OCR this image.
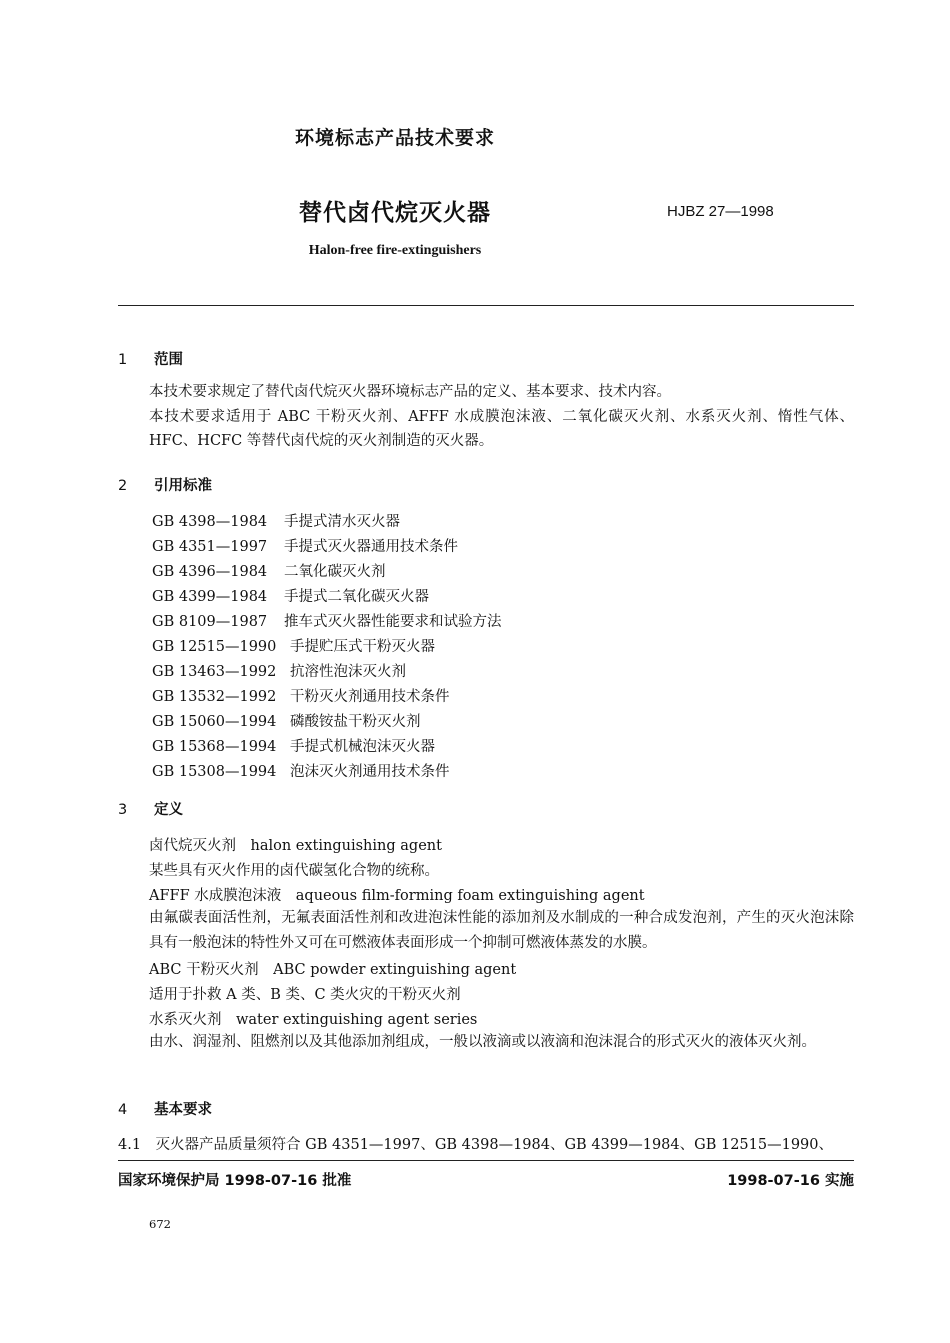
环境标志产品技术要求
替代卤代烷灭火器	HJBZ 27—1998
Halon-free fire-extinguishers
1 范围
本技术要求规定了替代卤代烷灭火器环境标志产品的定义、基本要求、技术内容。
本技术要求适用于 ABC 干粉灭火剂、AFFF 水成膜泡沫液、二氧化碳灭火剂、水系灭火剂、惰性气体、HFC、HCFC 等替代卤代烷的灭火剂制造的灭火器。
2 引用标准
GB 4398—1984 手提式清水灭火器
GB 4351—1997 手提式灭火器通用技术条件
GB 4396—1984 二氧化碳灭火剂
GB 4399—1984 手提式二氧化碳灭火器
GB 8109—1987 推车式灭火器性能要求和试验方法
GB 12515—1990 手提贮压式干粉灭火器
GB 13463—1992 抗溶性泡沫灭火剂
GB 13532—1992 干粉灭火剂通用技术条件
GB 15060—1994 磷酸铵盐干粉灭火剂
GB 15368—1994 手提式机械泡沫灭火器
GB 15308—1994 泡沫灭火剂通用技术条件
3 定义
卤代烷灭火剂　halon extinguishing agent
某些具有灭火作用的卤代碳氢化合物的统称。
AFFF 水成膜泡沫液　aqueous film-forming foam extinguishing agent
由氟碳表面活性剂，无氟表面活性剂和改进泡沫性能的添加剂及水制成的一种合成发泡剂，产生的灭火泡沫除具有一般泡沫的特性外又可在可燃液体表面形成一个抑制可燃液体蒸发的水膜。
ABC 干粉灭火剂　ABC powder extinguishing agent
适用于扑救 A 类、B 类、C 类火灾的干粉灭火剂
水系灭火剂　water extinguishing agent series
由水、润湿剂、阻燃剂以及其他添加剂组成，一般以液滴或以液滴和泡沫混合的形式灭火的液体灭火剂。
4 基本要求
4.1　灭火器产品质量须符合 GB 4351—1997、GB 4398—1984、GB 4399—1984、GB 12515—1990、
国家环境保护局 1998-07-16 批准	1998-07-16 实施
672
